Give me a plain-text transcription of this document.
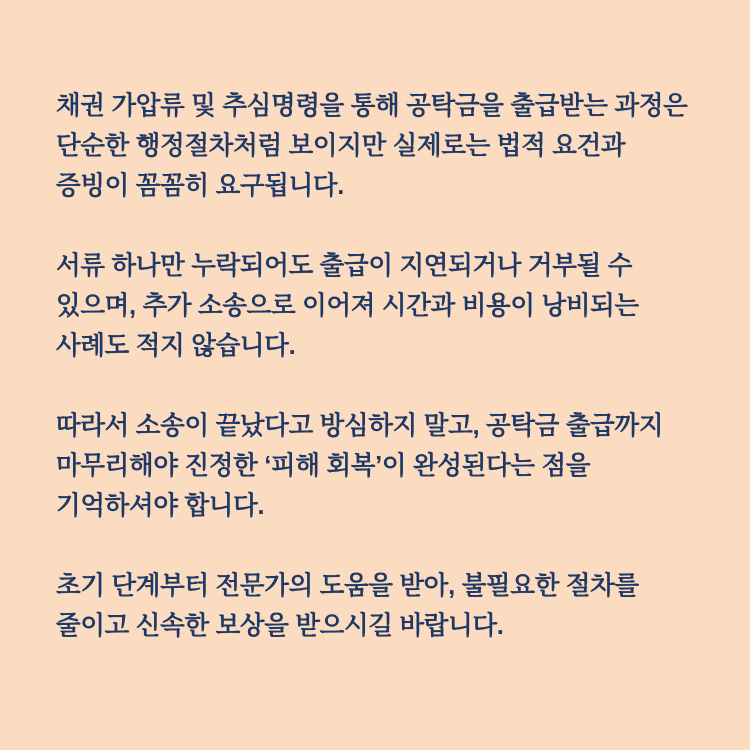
채권 가압류 및 추심명령을 통해 공탁금을 출급받는 과정은 단순한 행정절차처럼 보이지만 실제로는 법적 요건과 증빙이 꼼꼼히 요구됩니다.

서류 하나만 누락되어도 출급이 지연되거나 거부될 수 있으며, 추가 소송으로 이어져 시간과 비용이 낭비되는 사례도 적지 않습니다.

따라서 소송이 끝났다고 방심하지 말고, 공탁금 출급까지 마무리해야 진정한 ‘피해 회복’이 완성된다는 점을 기억하셔야 합니다.

초기 단계부터 전문가의 도움을 받아, 불필요한 절차를 줄이고 신속한 보상을 받으시길 바랍니다.
